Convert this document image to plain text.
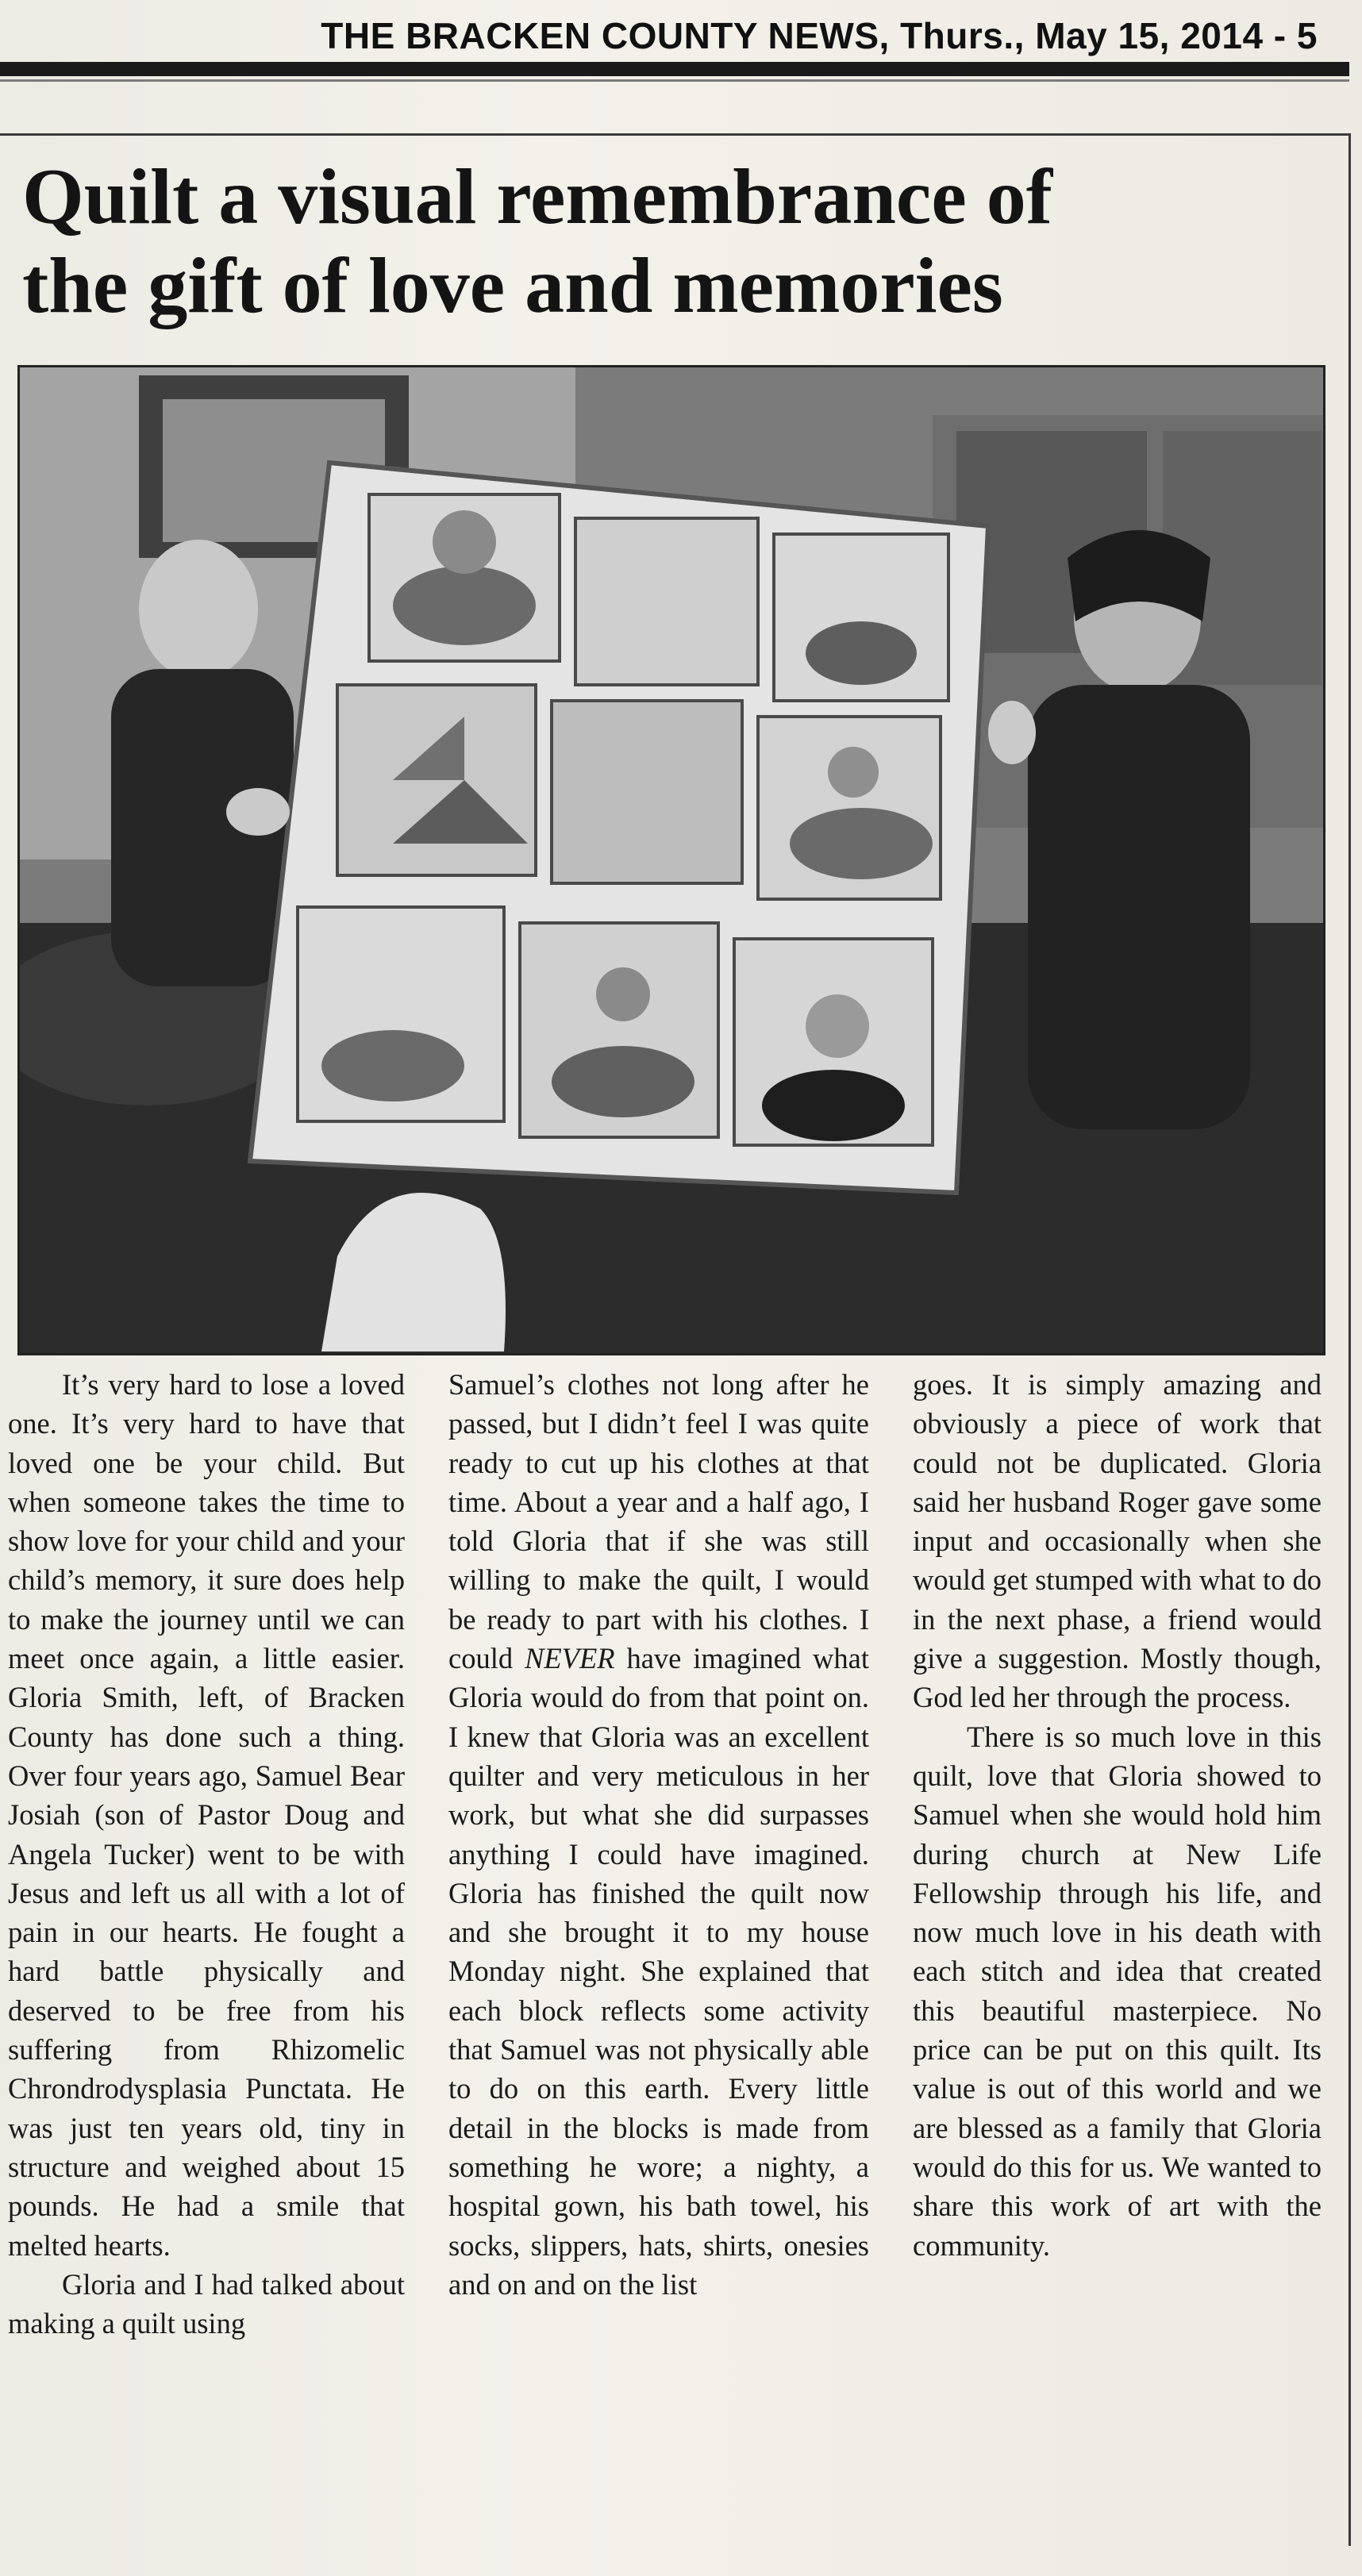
THE BRACKEN COUNTY NEWS, Thurs., May 15, 2014 - 5
Quilt a visual remembrance of
the gift of love and memories

It’s very hard to lose a loved one. It’s very hard to have that loved one be your child. But when someone takes the time to show love for your child and your child’s memory, it sure does help to make the journey until we can meet once again, a little easier. Gloria Smith, left, of Bracken County has done such a thing. Over four years ago, Samuel Bear Josiah (son of Pastor Doug and Angela Tucker) went to be with Jesus and left us all with a lot of pain in our hearts. He fought a hard battle physically and deserved to be free from his suffering from Rhizomelic Chrondrodysplasia Punctata. He was just ten years old, tiny in structure and weighed about 15 pounds. He had a smile that melted hearts.

Gloria and I had talked about making a quilt using

Samuel’s clothes not long after he passed, but I didn’t feel I was quite ready to cut up his clothes at that time. About a year and a half ago, I told Gloria that if she was still willing to make the quilt, I would be ready to part with his clothes. I could NEVER have imagined what Gloria would do from that point on. I knew that Gloria was an excellent quilter and very meticulous in her work, but what she did surpasses anything I could have imagined. Gloria has finished the quilt now and she brought it to my house Monday night. She explained that each block reflects some activity that Samuel was not physically able to do on this earth. Every little detail in the blocks is made from something he wore; a nighty, a hospital gown, his bath towel, his socks, slippers, hats, shirts, onesies and on and on the list

goes. It is simply amazing and obviously a piece of work that could not be duplicated. Gloria said her husband Roger gave some input and occasionally when she would get stumped with what to do in the next phase, a friend would give a suggestion. Mostly though, God led her through the process.

There is so much love in this quilt, love that Gloria showed to Samuel when she would hold him during church at New Life Fellowship through his life, and now much love in his death with each stitch and idea that created this beautiful masterpiece. No price can be put on this quilt. Its value is out of this world and we are blessed as a family that Gloria would do this for us. We wanted to share this work of art with the community.
